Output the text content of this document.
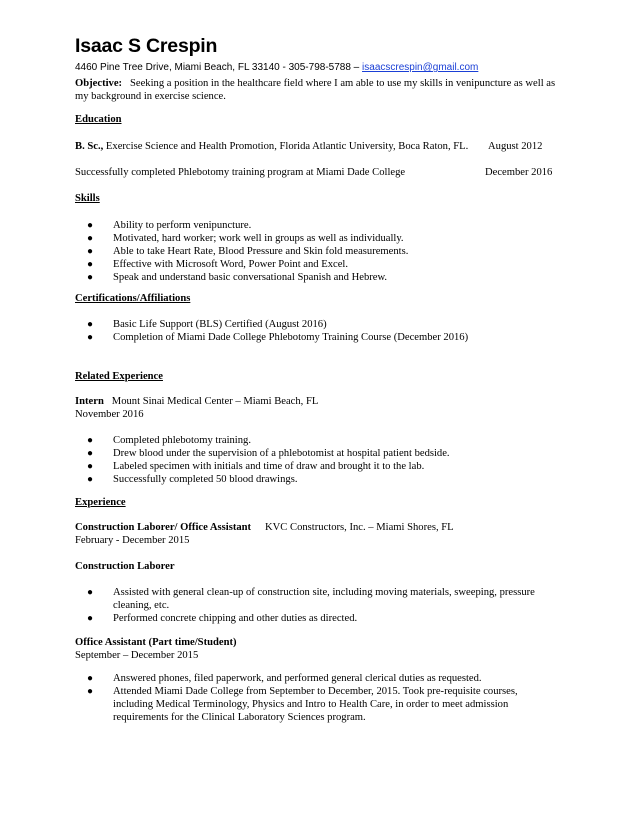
Isaac S Crespin
4460 Pine Tree Drive, Miami Beach, FL 33140 - 305-798-5788 – isaacscrespin@gmail.com
Objective: Seeking a position in the healthcare field where I am able to use my skills in venipuncture as well as my background in exercise science.
Education
B. Sc., Exercise Science and Health Promotion, Florida Atlantic University, Boca Raton, FL. August 2012
Successfully completed Phlebotomy training program at Miami Dade College	December 2016
Skills
● Ability to perform venipuncture.
● Motivated, hard worker; work well in groups as well as individually.
● Able to take Heart Rate, Blood Pressure and Skin fold measurements.
● Effective with Microsoft Word, Power Point and Excel.
● Speak and understand basic conversational Spanish and Hebrew.
Certifications/Affiliations
● Basic Life Support (BLS) Certified (August 2016)
● Completion of Miami Dade College Phlebotomy Training Course (December 2016)
Related Experience
Intern Mount Sinai Medical Center – Miami Beach, FL
November 2016
● Completed phlebotomy training.
● Drew blood under the supervision of a phlebotomist at hospital patient bedside.
● Labeled specimen with initials and time of draw and brought it to the lab.
● Successfully completed 50 blood drawings.
Experience
Construction Laborer/ Office Assistant KVC Constructors, Inc. – Miami Shores, FL
February - December 2015
Construction Laborer
● Assisted with general clean-up of construction site, including moving materials, sweeping, pressure cleaning, etc.
● Performed concrete chipping and other duties as directed.
Office Assistant (Part time/Student)
September – December 2015
● Answered phones, filed paperwork, and performed general clerical duties as requested.
● Attended Miami Dade College from September to December, 2015. Took pre-requisite courses, including Medical Terminology, Physics and Intro to Health Care, in order to meet admission requirements for the Clinical Laboratory Sciences program.
